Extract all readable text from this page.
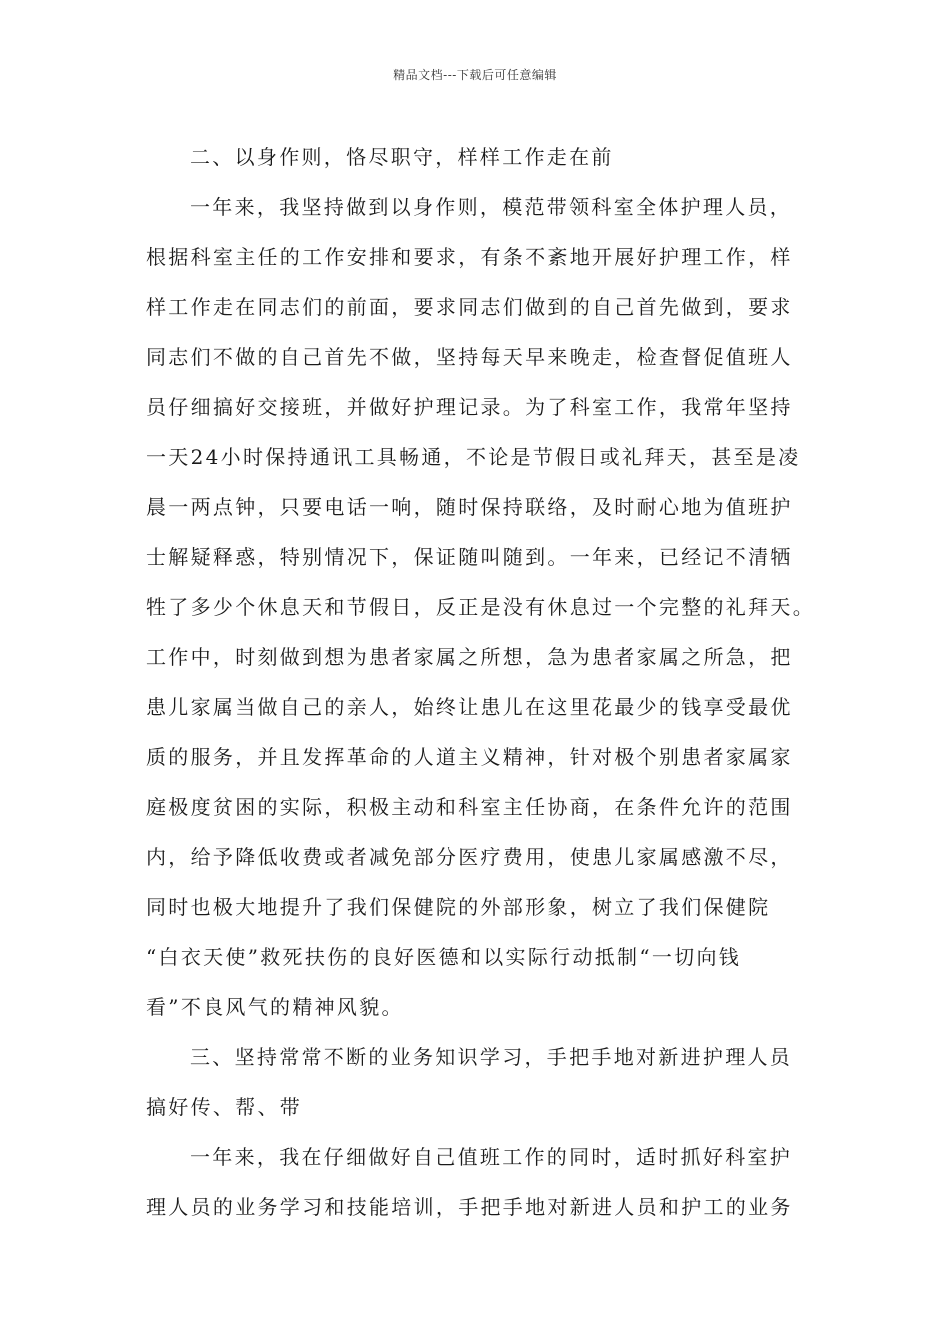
精品文档---下载后可任意编辑
二、以身作则，恪尽职守，样样工作走在前
一年来，我坚持做到以身作则，模范带领科室全体护理人员，
根据科室主任的工作安排和要求，有条不紊地开展好护理工作，样
样工作走在同志们的前面，要求同志们做到的自己首先做到，要求
同志们不做的自己首先不做，坚持每天早来晚走，检查督促值班人
员仔细搞好交接班，并做好护理记录。为了科室工作，我常年坚持
一天24小时保持通讯工具畅通，不论是节假日或礼拜天，甚至是凌
晨一两点钟，只要电话一响，随时保持联络，及时耐心地为值班护
士解疑释惑，特别情况下，保证随叫随到。一年来，已经记不清牺
牲了多少个休息天和节假日，反正是没有休息过一个完整的礼拜天。
工作中，时刻做到想为患者家属之所想，急为患者家属之所急，把
患儿家属当做自己的亲人，始终让患儿在这里花最少的钱享受最优
质的服务，并且发挥革命的人道主义精神，针对极个别患者家属家
庭极度贫困的实际，积极主动和科室主任协商，在条件允许的范围
内，给予降低收费或者减免部分医疗费用，使患儿家属感激不尽，
同时也极大地提升了我们保健院的外部形象，树立了我们保健院
“白衣天使”救死扶伤的良好医德和以实际行动抵制“一切向钱
看”不良风气的精神风貌。
三、坚持常常不断的业务知识学习，手把手地对新进护理人员
搞好传、帮、带
一年来，我在仔细做好自己值班工作的同时，适时抓好科室护
理人员的业务学习和技能培训，手把手地对新进人员和护工的业务
